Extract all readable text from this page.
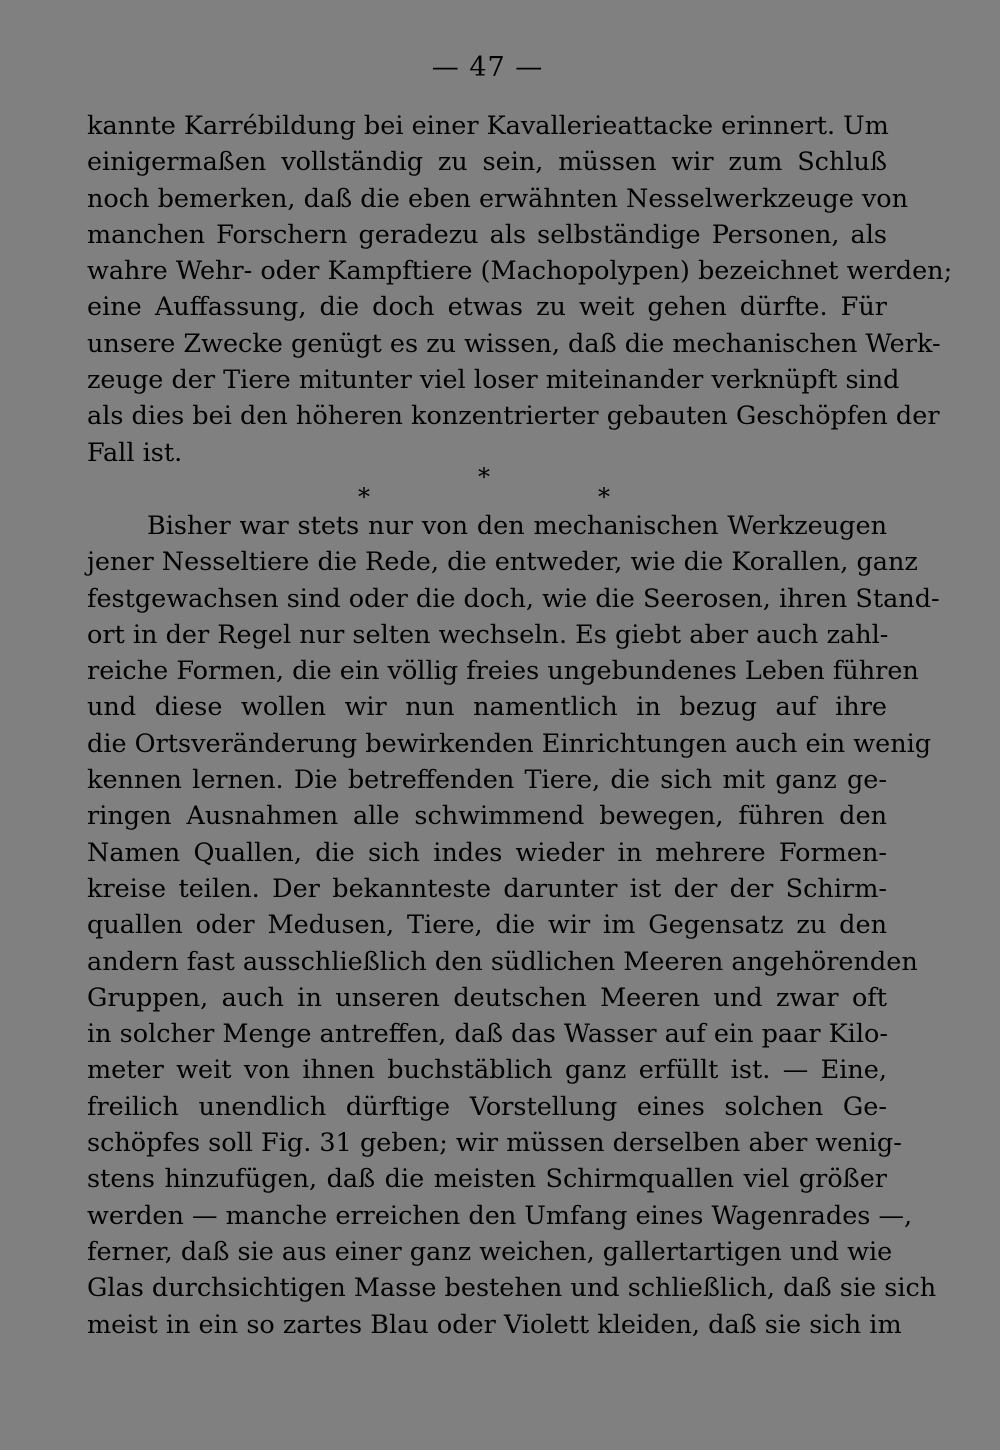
— 47 —
kannte Karrébildung bei einer Kavallerieattacke erinnert. Um
einigermaßen vollständig zu sein, müssen wir zum Schluß
noch bemerken, daß die eben erwähnten Nesselwerkzeuge von
manchen Forschern geradezu als selbständige Personen, als
wahre Wehr- oder Kampftiere (Machopolypen) bezeichnet werden;
eine Auffassung, die doch etwas zu weit gehen dürfte. Für
unsere Zwecke genügt es zu wissen, daß die mechanischen Werk-
zeuge der Tiere mitunter viel loser miteinander verknüpft sind
als dies bei den höheren konzentrierter gebauten Geschöpfen der
Fall ist.
*
*	*
Bisher war stets nur von den mechanischen Werkzeugen
jener Nesseltiere die Rede, die entweder, wie die Korallen, ganz
festgewachsen sind oder die doch, wie die Seerosen, ihren Stand-
ort in der Regel nur selten wechseln. Es giebt aber auch zahl-
reiche Formen, die ein völlig freies ungebundenes Leben führen
und diese wollen wir nun namentlich in bezug auf ihre
die Ortsveränderung bewirkenden Einrichtungen auch ein wenig
kennen lernen. Die betreffenden Tiere, die sich mit ganz ge-
ringen Ausnahmen alle schwimmend bewegen, führen den
Namen Quallen, die sich indes wieder in mehrere Formen-
kreise teilen. Der bekannteste darunter ist der der Schirm-
quallen oder Medusen, Tiere, die wir im Gegensatz zu den
andern fast ausschließlich den südlichen Meeren angehörenden
Gruppen, auch in unseren deutschen Meeren und zwar oft
in solcher Menge antreffen, daß das Wasser auf ein paar Kilo-
meter weit von ihnen buchstäblich ganz erfüllt ist. — Eine,
freilich unendlich dürftige Vorstellung eines solchen Ge-
schöpfes soll Fig. 31 geben; wir müssen derselben aber wenig-
stens hinzufügen, daß die meisten Schirmquallen viel größer
werden — manche erreichen den Umfang eines Wagenrades —,
ferner, daß sie aus einer ganz weichen, gallertartigen und wie
Glas durchsichtigen Masse bestehen und schließlich, daß sie sich
meist in ein so zartes Blau oder Violett kleiden, daß sie sich im
